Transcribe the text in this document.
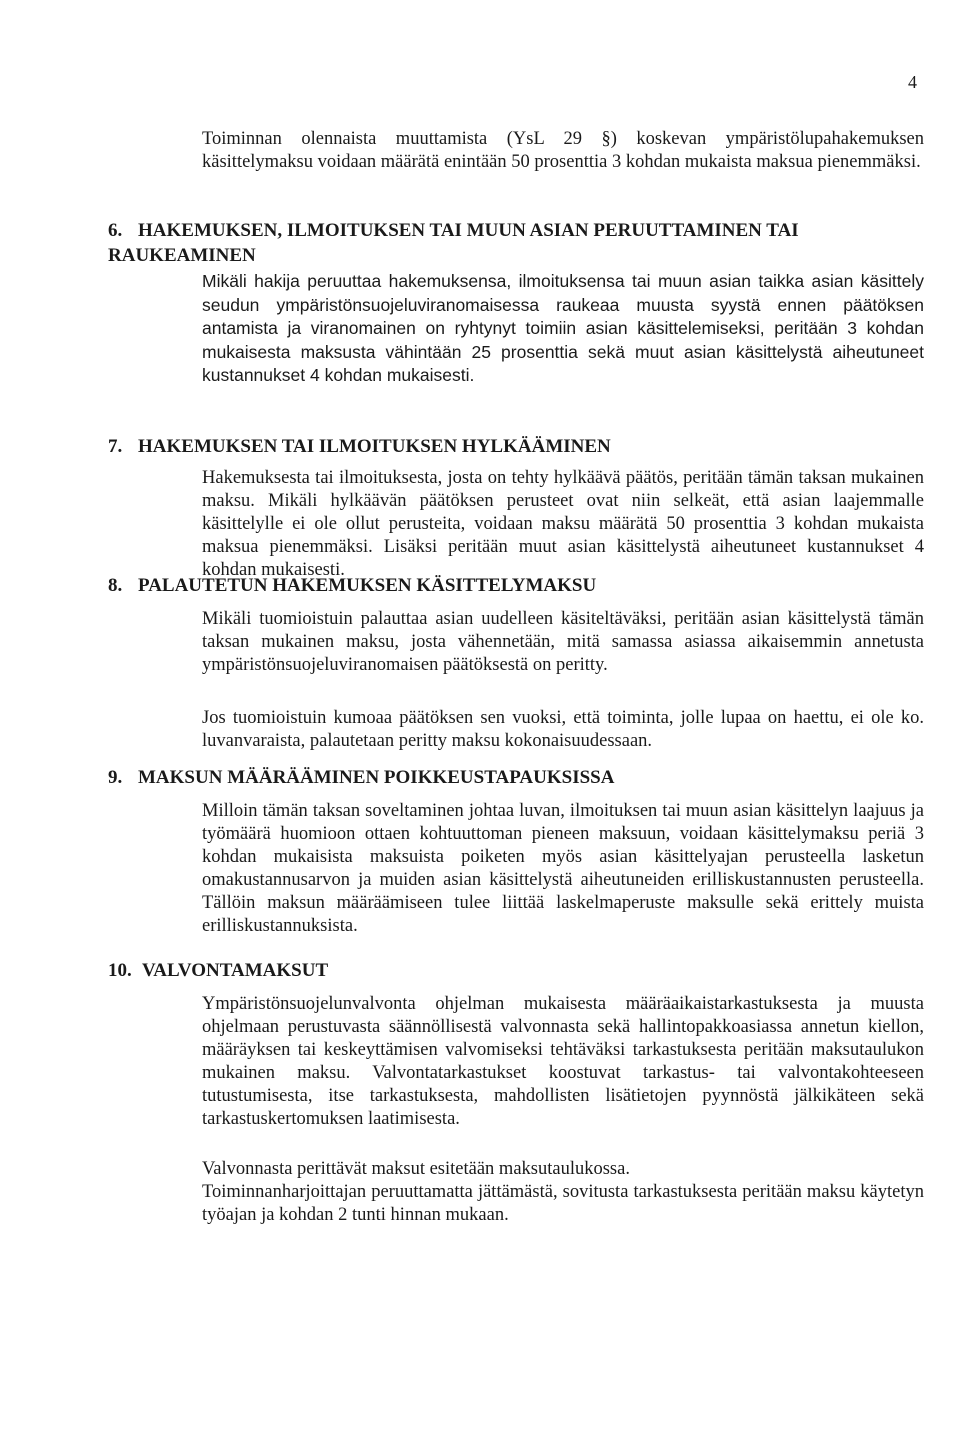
4
Toiminnan olennaista muuttamista (YsL 29 §) koskevan ympäristölupahakemuksen käsittelymaksu voidaan määrätä enintään 50 prosenttia 3 kohdan mukaista maksua pienemmäksi.
6. HAKEMUKSEN, ILMOITUKSEN TAI MUUN ASIAN PERUUTTAMINEN TAI RAUKEAMINEN
Mikäli hakija peruuttaa hakemuksensa, ilmoituksensa tai muun asian taikka asian käsittely seudun ympäristönsuojeluviranomaisessa raukeaa muusta syystä ennen päätöksen antamista ja viranomainen on ryhtynyt toimiin asian käsittelemiseksi, peritään 3 kohdan mukaisesta maksusta vähintään 25 prosenttia sekä muut asian käsittelystä aiheutuneet kustannukset 4 kohdan mukaisesti.
7. HAKEMUKSEN TAI ILMOITUKSEN HYLKÄÄMINEN
Hakemuksesta tai ilmoituksesta, josta on tehty hylkäävä päätös, peritään tämän taksan mukainen maksu. Mikäli hylkäävän päätöksen perusteet ovat niin selkeät, että asian laajemmalle käsittelylle ei ole ollut perusteita, voidaan maksu määrätä 50 prosenttia 3 kohdan mukaista maksua pienemmäksi. Lisäksi peritään muut asian käsittelystä aiheutuneet kustannukset 4 kohdan mukaisesti.
8. PALAUTETUN HAKEMUKSEN KÄSITTELYMAKSU
Mikäli tuomioistuin palauttaa asian uudelleen käsiteltäväksi, peritään asian käsittelystä tämän taksan mukainen maksu, josta vähennetään, mitä samassa asiassa aikaisemmin annetusta ympäristönsuojeluviranomaisen päätöksestä on peritty.
Jos tuomioistuin kumoaa päätöksen sen vuoksi, että toiminta, jolle lupaa on haettu, ei ole ko. luvanvaraista, palautetaan peritty maksu kokonaisuudessaan.
9. MAKSUN MÄÄRÄÄMINEN POIKKEUSTAPAUKSISSA
Milloin tämän taksan soveltaminen johtaa luvan, ilmoituksen tai muun asian käsittelyn laajuus ja työmäärä huomioon ottaen kohtuuttoman pieneen maksuun, voidaan käsittelymaksu periä 3 kohdan mukaisista maksuista poiketen myös asian käsittelyajan perusteella lasketun omakustannusarvon ja muiden asian käsittelystä aiheutuneiden erilliskustannusten perusteella. Tällöin maksun määräämiseen tulee liittää laskelmaperuste maksulle sekä erittely muista erilliskustannuksista.
10. VALVONTAMAKSUT
Ympäristönsuojelunvalvonta ohjelman mukaisesta määräaikaistarkastuksesta ja muusta ohjelmaan perustuvasta säännöllisestä valvonnasta sekä hallintopakkoasiassa annetun kiellon, määräyksen tai keskeyttämisen valvomiseksi tehtäväksi tarkastuksesta peritään maksutaulukon mukainen maksu. Valvontatarkastukset koostuvat tarkastus- tai valvontakohteeseen tutustumisesta, itse tarkastuksesta, mahdollisten lisätietojen pyynnöstä jälkikäteen sekä tarkastuskertomuksen laatimisesta.
Valvonnasta perittävät maksut esitetään maksutaulukossa.
Toiminnanharjoittajan peruuttamatta jättämästä, sovitusta tarkastuksesta peritään maksu käytetyn työajan ja kohdan 2 tunti hinnan mukaan.
